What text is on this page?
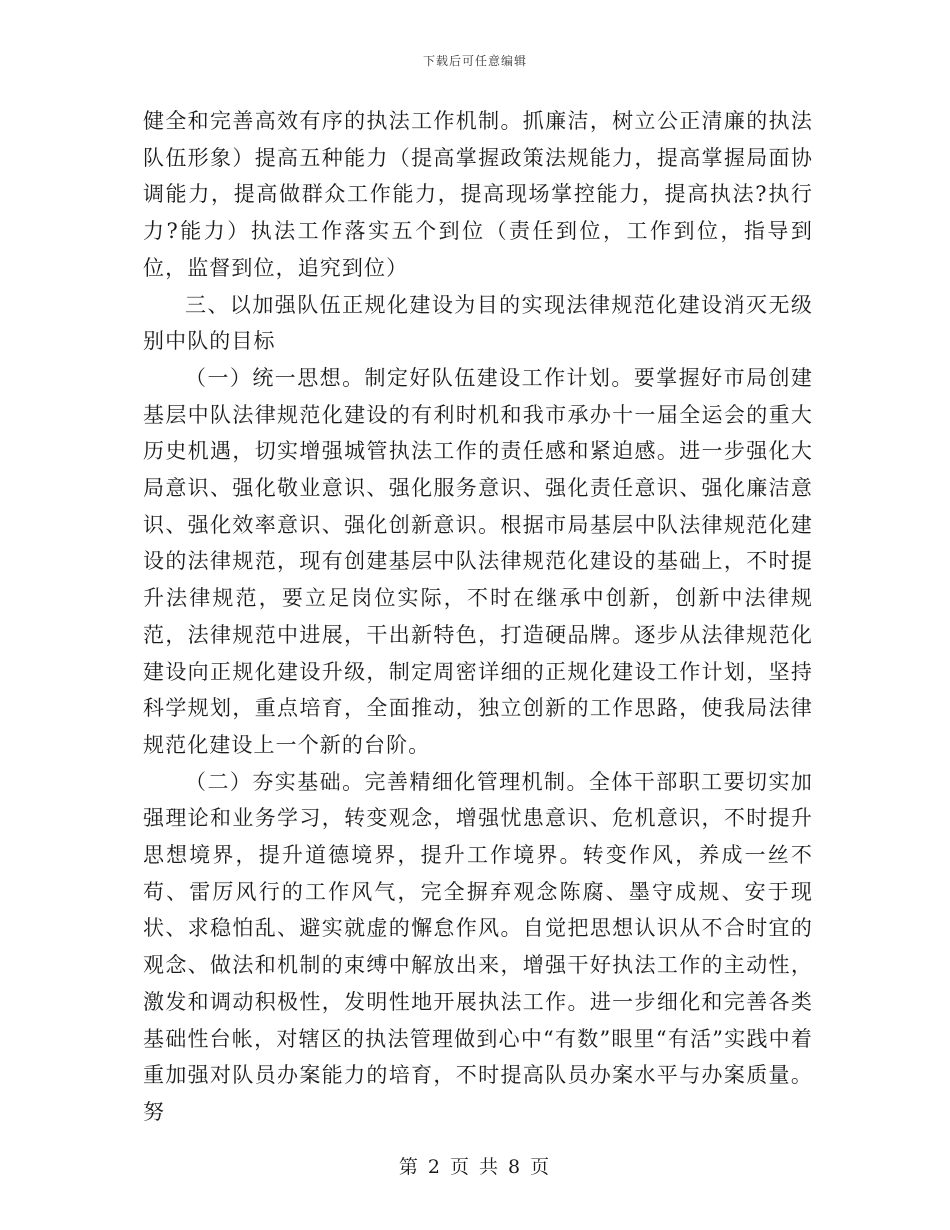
下载后可任意编辑

健全和完善高效有序的执法工作机制。抓廉洁，树立公正清廉的执法队伍形象）提高五种能力（提高掌握政策法规能力，提高掌握局面协调能力，提高做群众工作能力，提高现场掌控能力，提高执法?执行力?能力）执法工作落实五个到位（责任到位，工作到位，指导到位，监督到位，追究到位）

三、以加强队伍正规化建设为目的实现法律规范化建设消灭无级别中队的目标

（一）统一思想。制定好队伍建设工作计划。要掌握好市局创建基层中队法律规范化建设的有利时机和我市承办十一届全运会的重大历史机遇，切实增强城管执法工作的责任感和紧迫感。进一步强化大局意识、强化敬业意识、强化服务意识、强化责任意识、强化廉洁意识、强化效率意识、强化创新意识。根据市局基层中队法律规范化建设的法律规范，现有创建基层中队法律规范化建设的基础上，不时提升法律规范，要立足岗位实际，不时在继承中创新，创新中法律规范，法律规范中进展，干出新特色，打造硬品牌。逐步从法律规范化建设向正规化建设升级，制定周密详细的正规化建设工作计划，坚持科学规划，重点培育，全面推动，独立创新的工作思路，使我局法律规范化建设上一个新的台阶。

（二）夯实基础。完善精细化管理机制。全体干部职工要切实加强理论和业务学习，转变观念，增强忧患意识、危机意识，不时提升思想境界，提升道德境界，提升工作境界。转变作风，养成一丝不苟、雷厉风行的工作风气，完全摒弃观念陈腐、墨守成规、安于现状、求稳怕乱、避实就虚的懈怠作风。自觉把思想认识从不合时宜的观念、做法和机制的束缚中解放出来，增强干好执法工作的主动性，激发和调动积极性，发明性地开展执法工作。进一步细化和完善各类基础性台帐，对辖区的执法管理做到心中“有数”眼里“有活”实践中着重加强对队员办案能力的培育，不时提高队员办案水平与办案质量。努

第 2 页 共 8 页
